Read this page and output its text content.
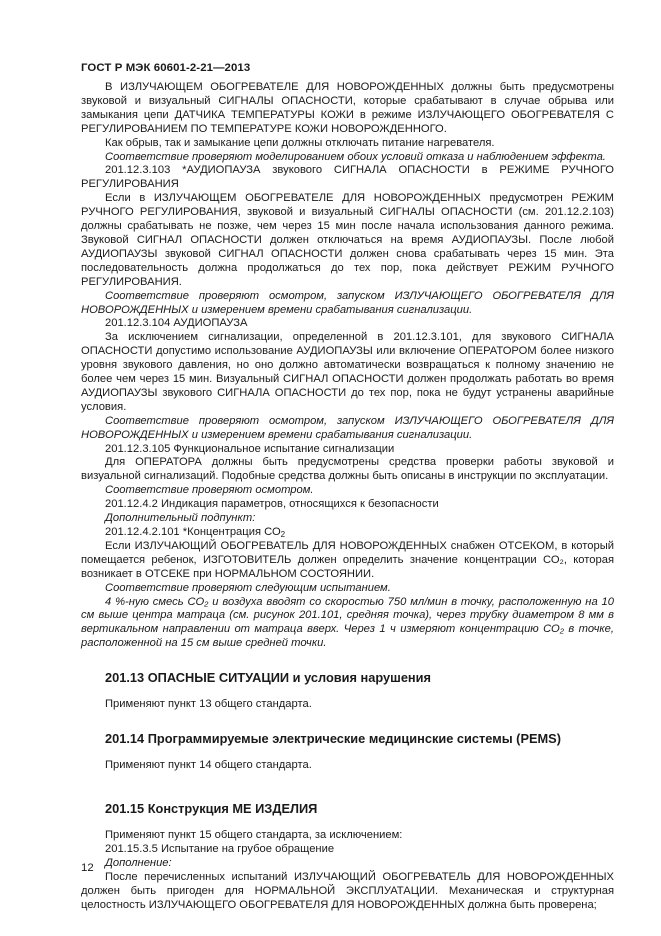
ГОСТ Р МЭК 60601-2-21—2013

В ИЗЛУЧАЮЩЕМ ОБОГРЕВАТЕЛЕ ДЛЯ НОВОРОЖДЕННЫХ должны быть предусмотрены звуковой и визуальный СИГНАЛЫ ОПАСНОСТИ, которые срабатывают в случае обрыва или замыкания цепи ДАТЧИКА ТЕМПЕРАТУРЫ КОЖИ в режиме ИЗЛУЧАЮЩЕГО ОБОГРЕВАТЕЛЯ С РЕГУЛИРОВАНИЕМ ПО ТЕМПЕРАТУРЕ КОЖИ НОВОРОЖДЕННОГО.

Как обрыв, так и замыкание цепи должны отключать питание нагревателя.

Соответствие проверяют моделированием обоих условий отказа и наблюдением эффекта.

201.12.3.103 *АУДИОПАУЗА звукового СИГНАЛА ОПАСНОСТИ в РЕЖИМЕ РУЧНОГО РЕГУЛИРОВАНИЯ

Если в ИЗЛУЧАЮЩЕМ ОБОГРЕВАТЕЛЕ ДЛЯ НОВОРОЖДЕННЫХ предусмотрен РЕЖИМ РУЧНОГО РЕГУЛИРОВАНИЯ, звуковой и визуальный СИГНАЛЫ ОПАСНОСТИ (см. 201.12.2.103) должны срабатывать не позже, чем через 15 мин после начала использования данного режима. Звуковой СИГНАЛ ОПАСНОСТИ должен отключаться на время АУДИОПАУЗЫ. После любой АУДИОПАУЗЫ звуковой СИГНАЛ ОПАСНОСТИ должен снова срабатывать через 15 мин. Эта последовательность должна продолжаться до тех пор, пока действует РЕЖИМ РУЧНОГО РЕГУЛИРОВАНИЯ.

Соответствие проверяют осмотром, запуском ИЗЛУЧАЮЩЕГО ОБОГРЕВАТЕЛЯ ДЛЯ НОВОРОЖДЕННЫХ и измерением времени срабатывания сигнализации.

201.12.3.104 АУДИОПАУЗА

За исключением сигнализации, определенной в 201.12.3.101, для звукового СИГНАЛА ОПАСНОСТИ допустимо использование АУДИОПАУЗЫ или включение ОПЕРАТОРОМ более низкого уровня звукового давления, но оно должно автоматически возвращаться к полному значению не более чем через 15 мин. Визуальный СИГНАЛ ОПАСНОСТИ должен продолжать работать во время АУДИОПАУЗЫ звукового СИГНАЛА ОПАСНОСТИ до тех пор, пока не будут устранены аварийные условия.

Соответствие проверяют осмотром, запуском ИЗЛУЧАЮЩЕГО ОБОГРЕВАТЕЛЯ ДЛЯ НОВОРОЖДЕННЫХ и измерением времени срабатывания сигнализации.

201.12.3.105 Функциональное испытание сигнализации

Для ОПЕРАТОРА должны быть предусмотрены средства проверки работы звуковой и визуальной сигнализаций. Подобные средства должны быть описаны в инструкции по эксплуатации.

Соответствие проверяют осмотром.

201.12.4.2 Индикация параметров, относящихся к безопасности

Дополнительный подпункт:

201.12.4.2.101 *Концентрация $СО_2$

Если ИЗЛУЧАЮЩИЙ ОБОГРЕВАТЕЛЬ ДЛЯ НОВОРОЖДЕННЫХ снабжен ОТСЕКОМ, в который помещается ребенок, ИЗГОТОВИТЕЛЬ должен определить значение концентрации СО₂, которая возникает в ОТСЕКЕ при НОРМАЛЬНОМ СОСТОЯНИИ.

Соответствие проверяют следующим испытанием.

4 %-ную смесь СО₂ и воздуха вводят со скоростью 750 мл/мин в точку, расположенную на 10 см выше центра матраца (см. рисунок 201.101, средняя точка), через трубку диаметром 8 мм в вертикальном направлении от матраца вверх. Через 1 ч измеряют концентрацию СО₂ в точке, расположенной на 15 см выше средней точки.

201.13 ОПАСНЫЕ СИТУАЦИИ и условия нарушения

Применяют пункт 13 общего стандарта.

201.14 Программируемые электрические медицинские системы (PEMS)

Применяют пункт 14 общего стандарта.

201.15 Конструкция МЕ ИЗДЕЛИЯ

Применяют пункт 15 общего стандарта, за исключением:

201.15.3.5 Испытание на грубое обращение

Дополнение:

После перечисленных испытаний ИЗЛУЧАЮЩИЙ ОБОГРЕВАТЕЛЬ ДЛЯ НОВОРОЖДЕННЫХ должен быть пригоден для НОРМАЛЬНОЙ ЭКСПЛУАТАЦИИ. Механическая и структурная целостность ИЗЛУЧАЮЩЕГО ОБОГРЕВАТЕЛЯ ДЛЯ НОВОРОЖДЕННЫХ должна быть проверена;

12
